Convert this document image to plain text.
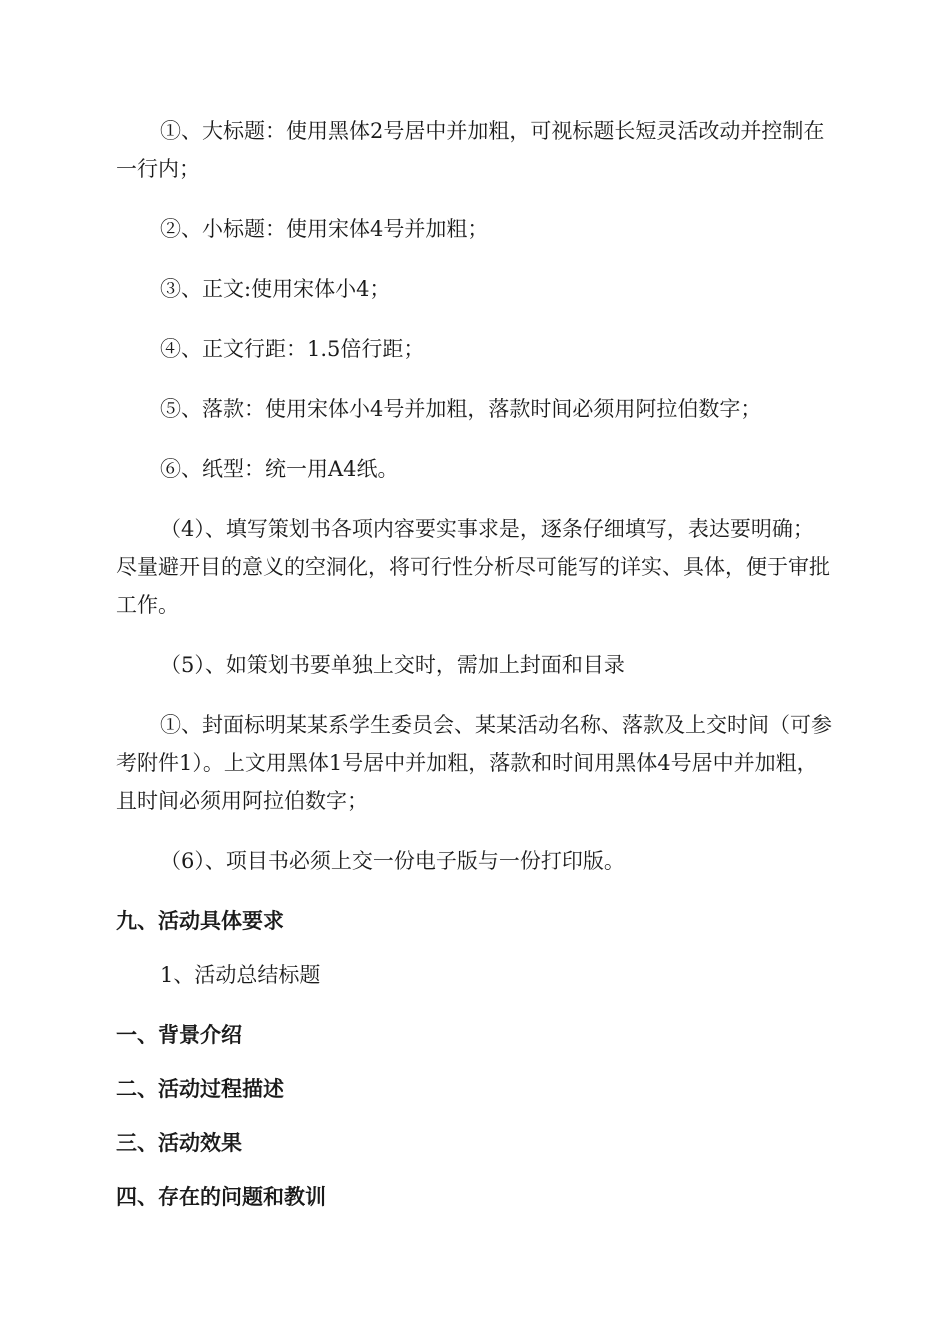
①、大标题：使用黑体2号居中并加粗，可视标题长短灵活改动并控制在一行内；

②、小标题：使用宋体4号并加粗；

③、正文:使用宋体小4；

④、正文行距：1.5倍行距；

⑤、落款：使用宋体小4号并加粗，落款时间必须用阿拉伯数字；

⑥、纸型：统一用A4纸。

（4）、填写策划书各项内容要实事求是，逐条仔细填写，表达要明确；尽量避开目的意义的空洞化，将可行性分析尽可能写的详实、具体，便于审批工作。

（5）、如策划书要单独上交时，需加上封面和目录

①、封面标明某某系学生委员会、某某活动名称、落款及上交时间（可参考附件1）。上文用黑体1号居中并加粗，落款和时间用黑体4号居中并加粗，且时间必须用阿拉伯数字；

（6）、项目书必须上交一份电子版与一份打印版。

九、活动具体要求

1、活动总结标题

一、背景介绍

二、活动过程描述

三、活动效果

四、存在的问题和教训
